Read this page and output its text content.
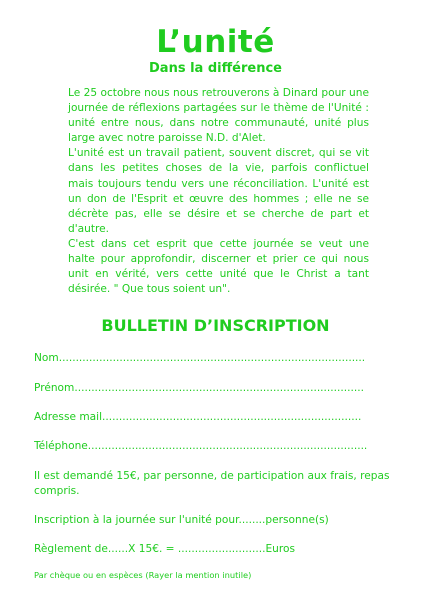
L’unité
Dans la différence

Le 25 octobre nous nous retrouverons à Dinard pour une journée de réflexions partagées sur le thème de l'Unité : unité entre nous, dans notre communauté, unité plus large avec notre paroisse N.D. d'Alet.

L'unité est un travail patient, souvent discret, qui se vit dans les petites choses de la vie, parfois conflictuel mais toujours tendu vers une réconciliation. L'unité est un don de l'Esprit et œuvre des hommes ; elle ne se décrète pas, elle se désire et se cherche de part et d'autre.

C'est dans cet esprit que cette journée se veut une halte pour approfondir, discerner et prier ce qui nous unit en vérité, vers cette unité que le Christ a tant désirée. " Que tous soient un".

BULLETIN D’INSCRIPTION
Nom...........................................................................................
Prénom......................................................................................
Adresse mail.............................................................................
Téléphone...................................................................................
Il est demandé 15€, par personne, de participation aux frais, repas compris.
Inscription à la journée sur l'unité pour........personne(s)
Règlement de......X 15€. = ..........................Euros
Par chèque ou en espèces (Rayer la mention inutile)
